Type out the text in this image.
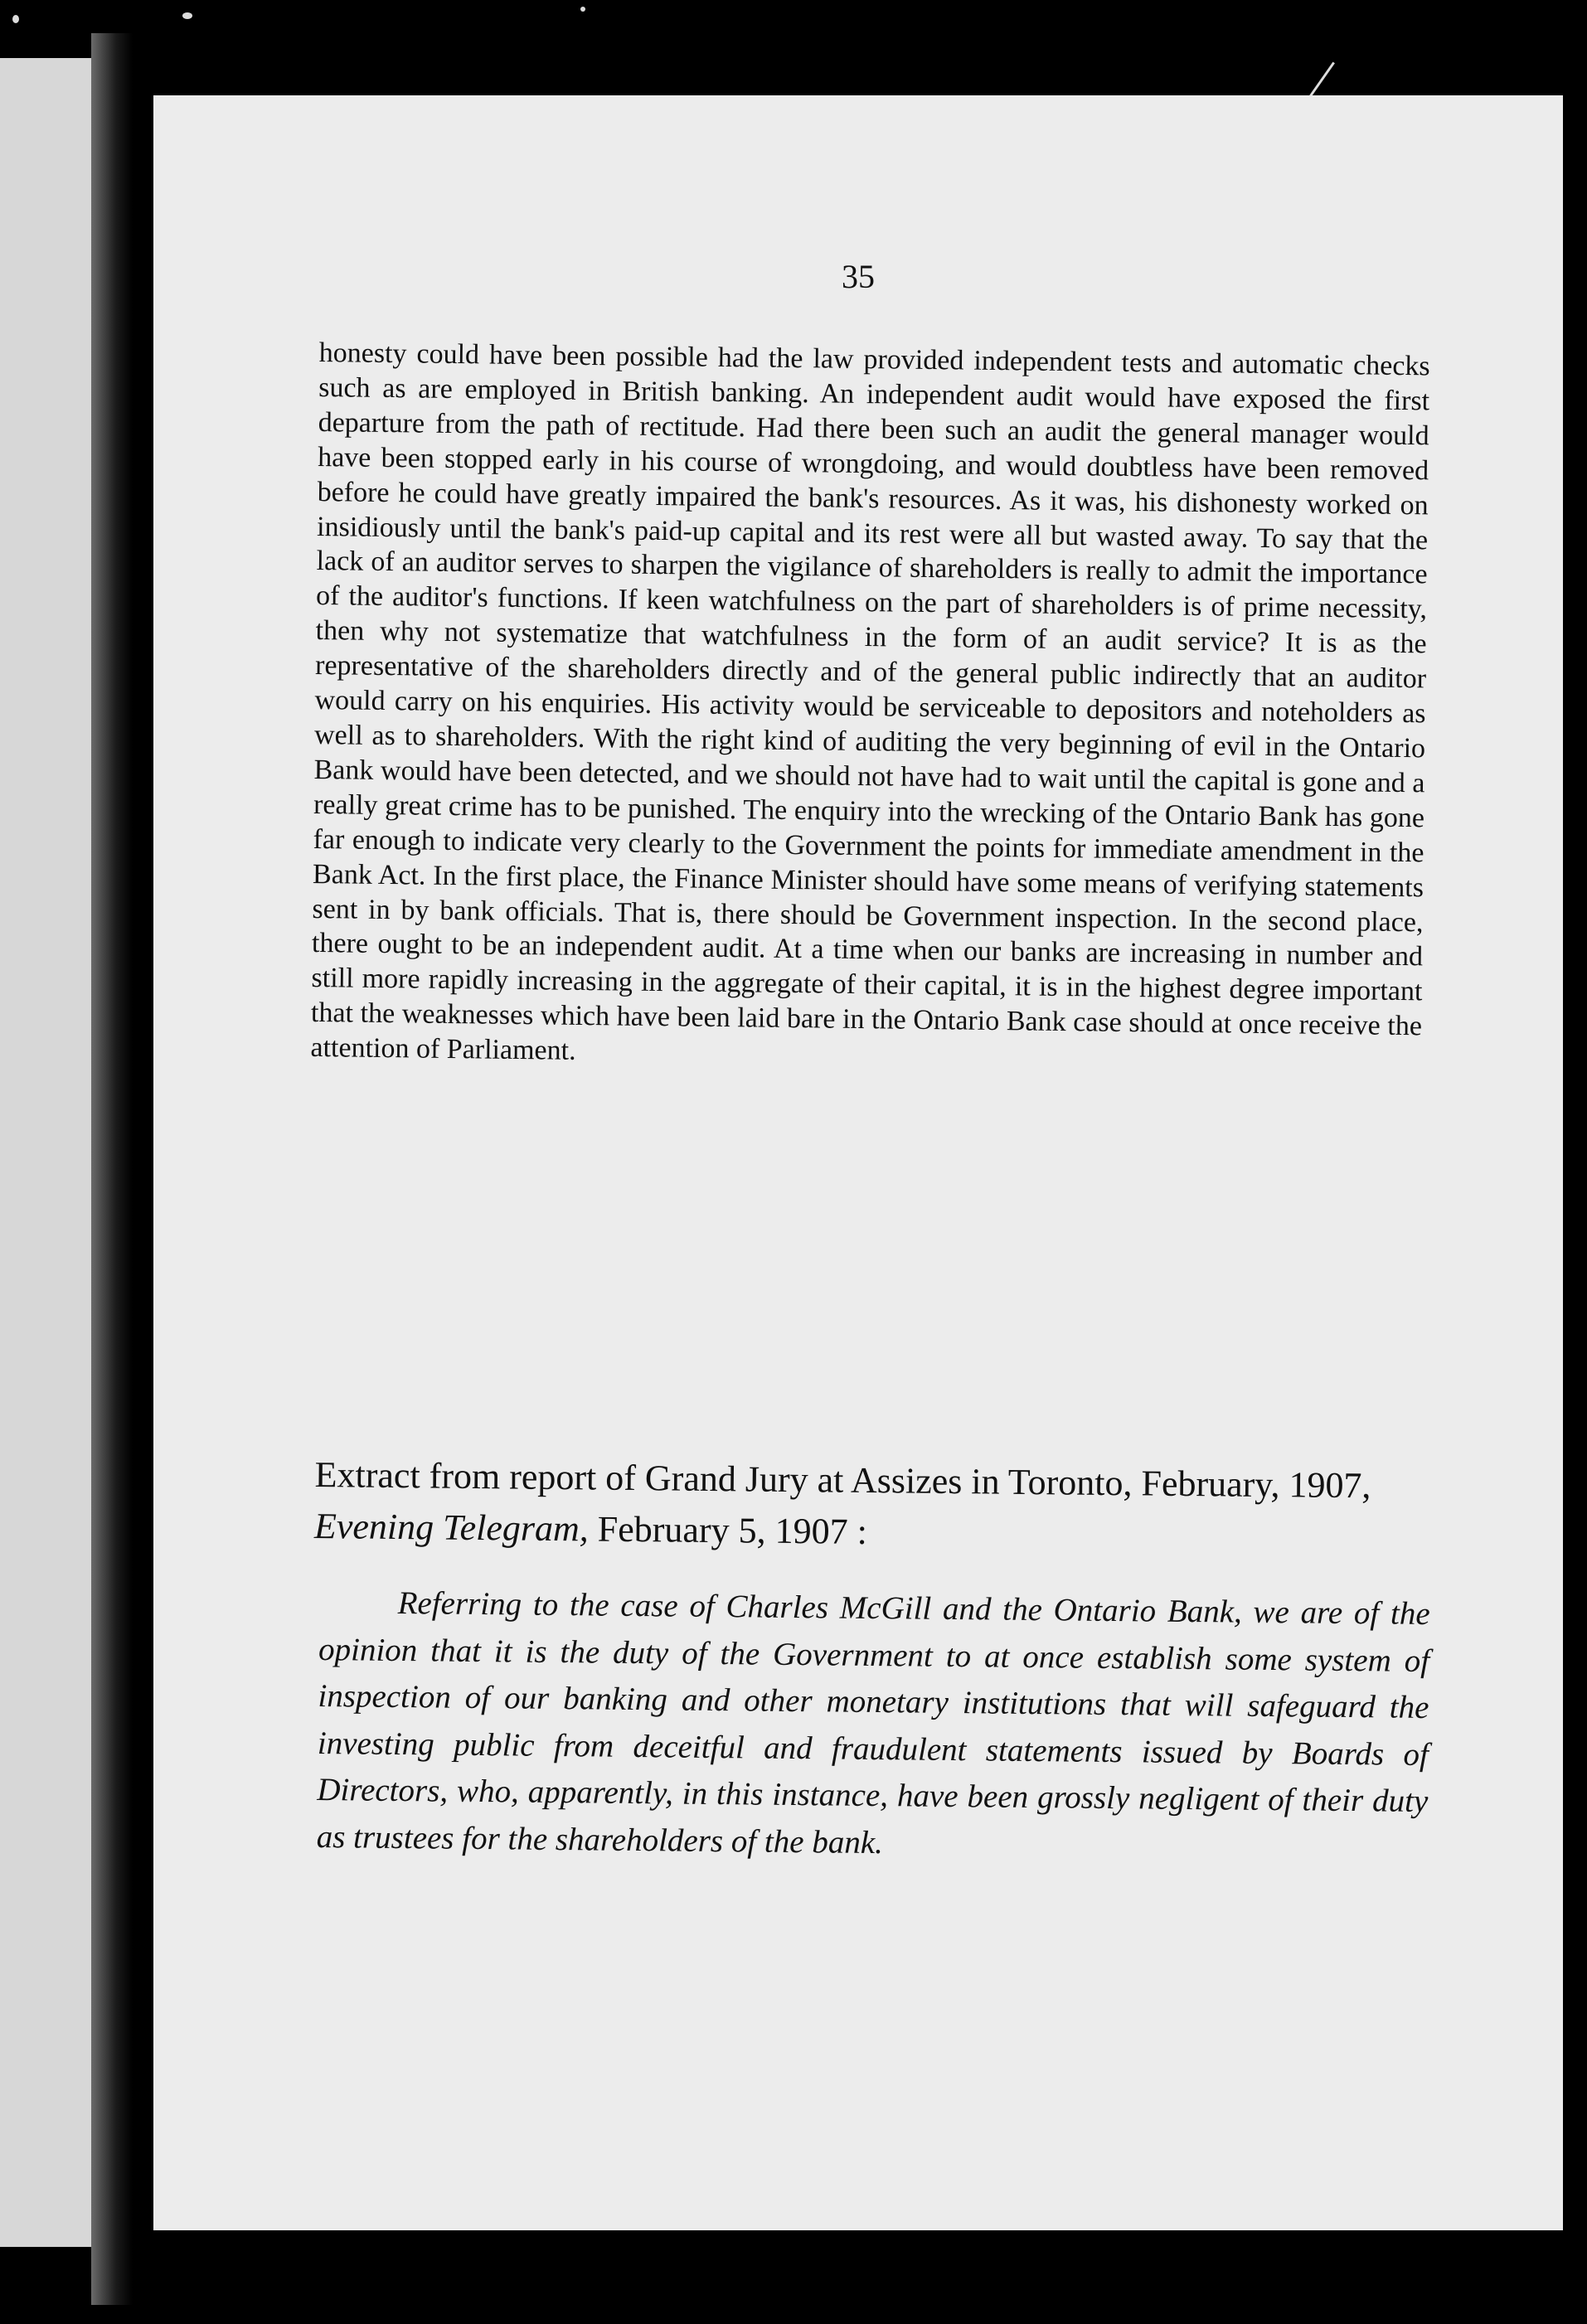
35

honesty could have been possible had the law provided independent tests and automatic checks such as are employed in British banking. An independent audit would have exposed the first departure from the path of rectitude. Had there been such an audit the general manager would have been stopped early in his course of wrongdoing, and would doubtless have been removed before he could have greatly impaired the bank's resources. As it was, his dishonesty worked on insidiously until the bank's paid-up capital and its rest were all but wasted away. To say that the lack of an auditor serves to sharpen the vigilance of shareholders is really to admit the importance of the auditor's functions. If keen watchfulness on the part of shareholders is of prime necessity, then why not systematize that watchfulness in the form of an audit service? It is as the representative of the shareholders directly and of the general public indirectly that an auditor would carry on his enquiries. His activity would be serviceable to depositors and noteholders as well as to shareholders. With the right kind of auditing the very beginning of evil in the Ontario Bank would have been detected, and we should not have had to wait until the capital is gone and a really great crime has to be punished. The enquiry into the wrecking of the Ontario Bank has gone far enough to indicate very clearly to the Government the points for immediate amendment in the Bank Act. In the first place, the Finance Minister should have some means of verifying statements sent in by bank officials. That is, there should be Government inspection. In the second place, there ought to be an independent audit. At a time when our banks are increasing in number and still more rapidly increasing in the aggregate of their capital, it is in the highest degree important that the weaknesses which have been laid bare in the Ontario Bank case should at once receive the attention of Parliament.

Extract from report of Grand Jury at Assizes in Toronto, February, 1907, Evening Telegram, February 5, 1907 :

Referring to the case of Charles McGill and the Ontario Bank, we are of the opinion that it is the duty of the Government to at once establish some system of inspection of our banking and other monetary institutions that will safeguard the investing public from deceitful and fraudulent statements issued by Boards of Directors, who, apparently, in this instance, have been grossly negligent of their duty as trustees for the shareholders of the bank.
